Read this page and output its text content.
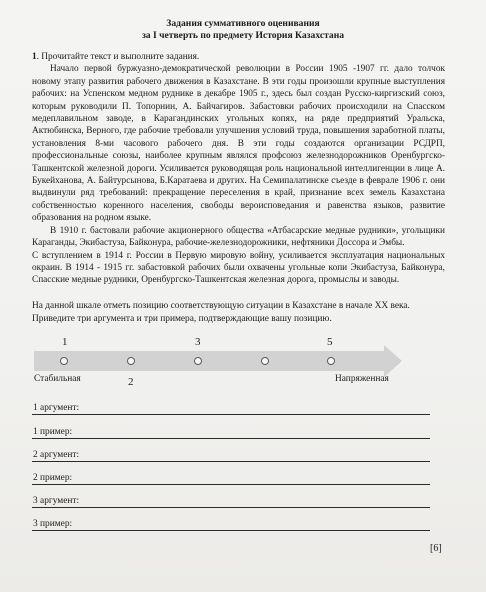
Задания суммативного оценивания
за I четверть по предмету История Казахстана

1. Прочитайте текст и выполните задания.

Начало первой буржуазно-демократической революции в России 1905 -1907 гг. дало толчок новому этапу развития рабочего движения в Казахстане. В эти годы произошли крупные выступления рабочих: на Успенском медном руднике в декабре 1905 г., здесь был создан Русско-киргизский союз, которым руководили П. Топорнин, А. Байчагиров. Забастовки рабочих происходили на Спасском медеплавильном заводе, в Карагандинских угольных копях, на ряде предприятий Уральска, Актюбинска, Верного, где рабочие требовали улучшения условий труда, повышения заработной платы, установления 8-ми часового рабочего дня. В эти годы создаются организации РСДРП, профессиональные союзы, наиболее крупным являлся профсоюз железнодорожников Оренбургско-Ташкентской железной дороги. Усиливается руководящая роль национальной интеллигенции в лице А. Букейханова, А. Байтурсынова, Б.Каратаева и других. На Семипалатинске съезде в феврале 1906 г. они выдвинули ряд требований: прекращение переселения в край, признание всех земель Казахстана собственностью коренного населения, свободы вероисповедания и равенства языков, развитие образования на родном языке.

В 1910 г. бастовали рабочие акционерного общества «Атбасарские медные рудники», угольщики Караганды, Экибастуза, Байконура, рабочие-железнодорожники, нефтяники Доссора и Эмбы.

С вступлением в 1914 г. России в Первую мировую войну, усиливается эксплуатация национальных окраин. В 1914 - 1915 гг. забастовкой рабочих были охвачены угольные копи Экибастуза, Байконура, Спасские медные рудники, Оренбургско-Ташкентская железная дорога, промыслы и заводы.

На данной шкале отметь позицию соответствующую ситуации в Казахстане в начале XX века. Приведите три аргумента и три примера, подтверждающие вашу позицию.
1
2
3	5
Стабильная	Напряженная
1 аргумент:
1 пример:
2 аргумент:
2 пример:
3 аргумент:
3 пример:
[6]
